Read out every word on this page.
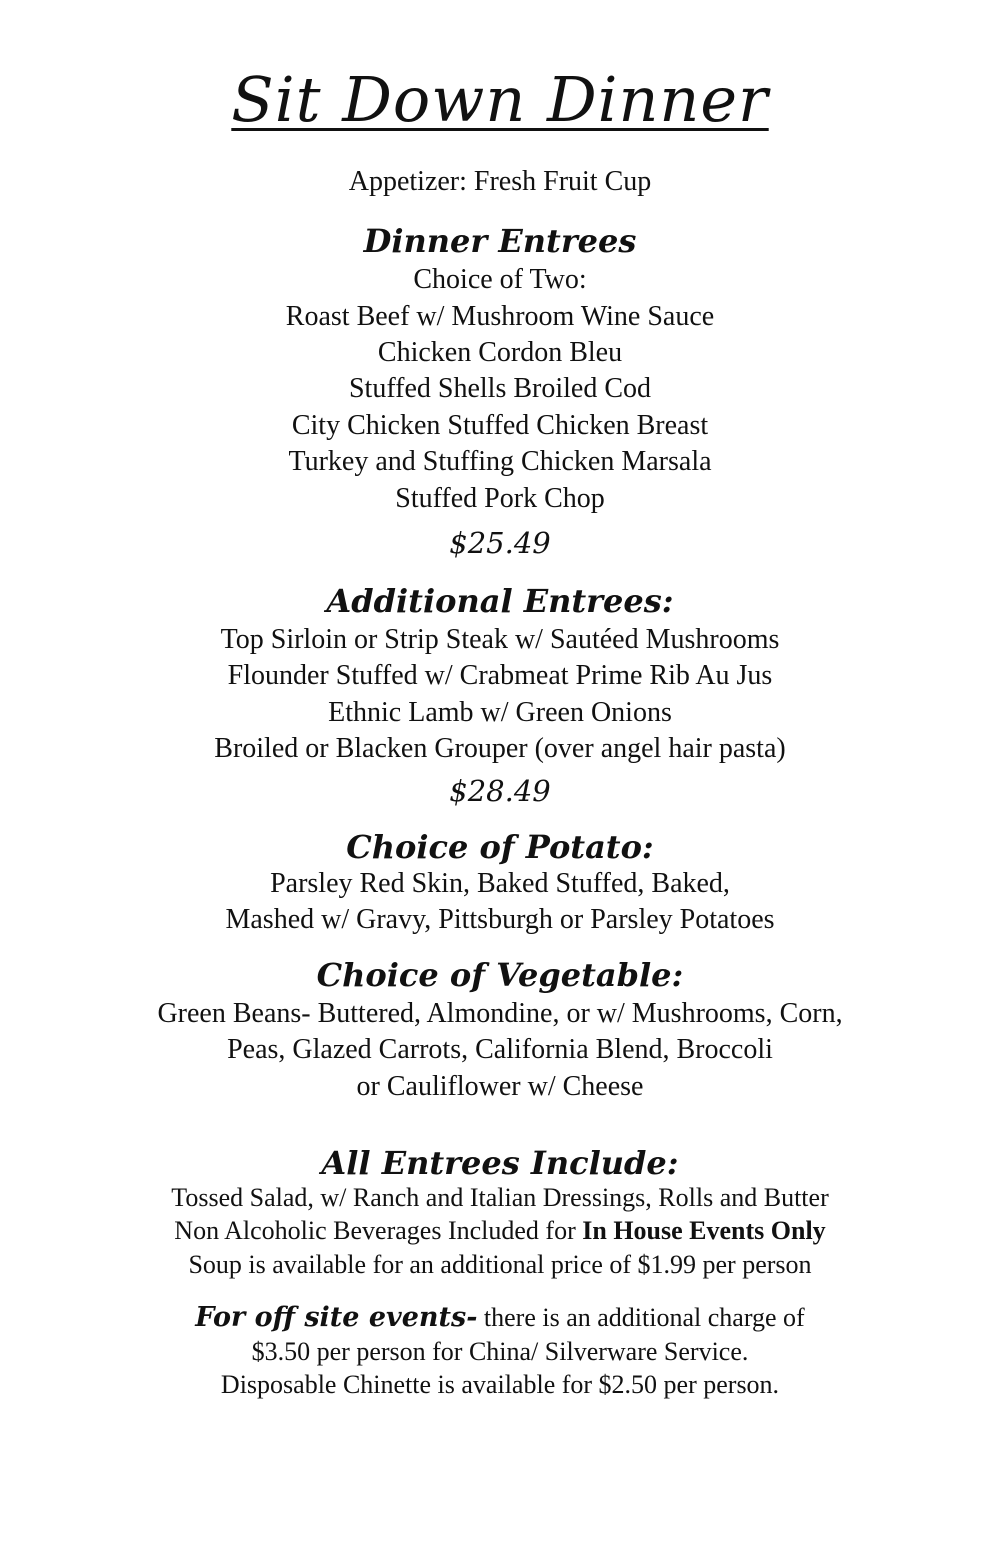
Sit Down Dinner
Appetizer: Fresh Fruit Cup
Dinner Entrees
Choice of Two:
Roast Beef w/ Mushroom Wine Sauce
Chicken Cordon Bleu
Stuffed Shells Broiled Cod
City Chicken Stuffed Chicken Breast
Turkey and Stuffing Chicken Marsala
Stuffed Pork Chop
$25.49
Additional Entrees:
Top Sirloin or Strip Steak w/ Sautéed Mushrooms
Flounder Stuffed w/ Crabmeat Prime Rib Au Jus
Ethnic Lamb w/ Green Onions
Broiled or Blacken Grouper (over angel hair pasta)
$28.49
Choice of Potato:
Parsley Red Skin, Baked Stuffed, Baked,
Mashed w/ Gravy, Pittsburgh or Parsley Potatoes
Choice of Vegetable:
Green Beans- Buttered, Almondine, or w/ Mushrooms, Corn,
Peas, Glazed Carrots, California Blend, Broccoli
or Cauliflower w/ Cheese
All Entrees Include:
Tossed Salad, w/ Ranch and Italian Dressings, Rolls and Butter
Non Alcoholic Beverages Included for In House Events Only
Soup is available for an additional price of $1.99 per person
For off site events- there is an additional charge of
$3.50 per person for China/ Silverware Service.
Disposable Chinette is available for $2.50 per person.
